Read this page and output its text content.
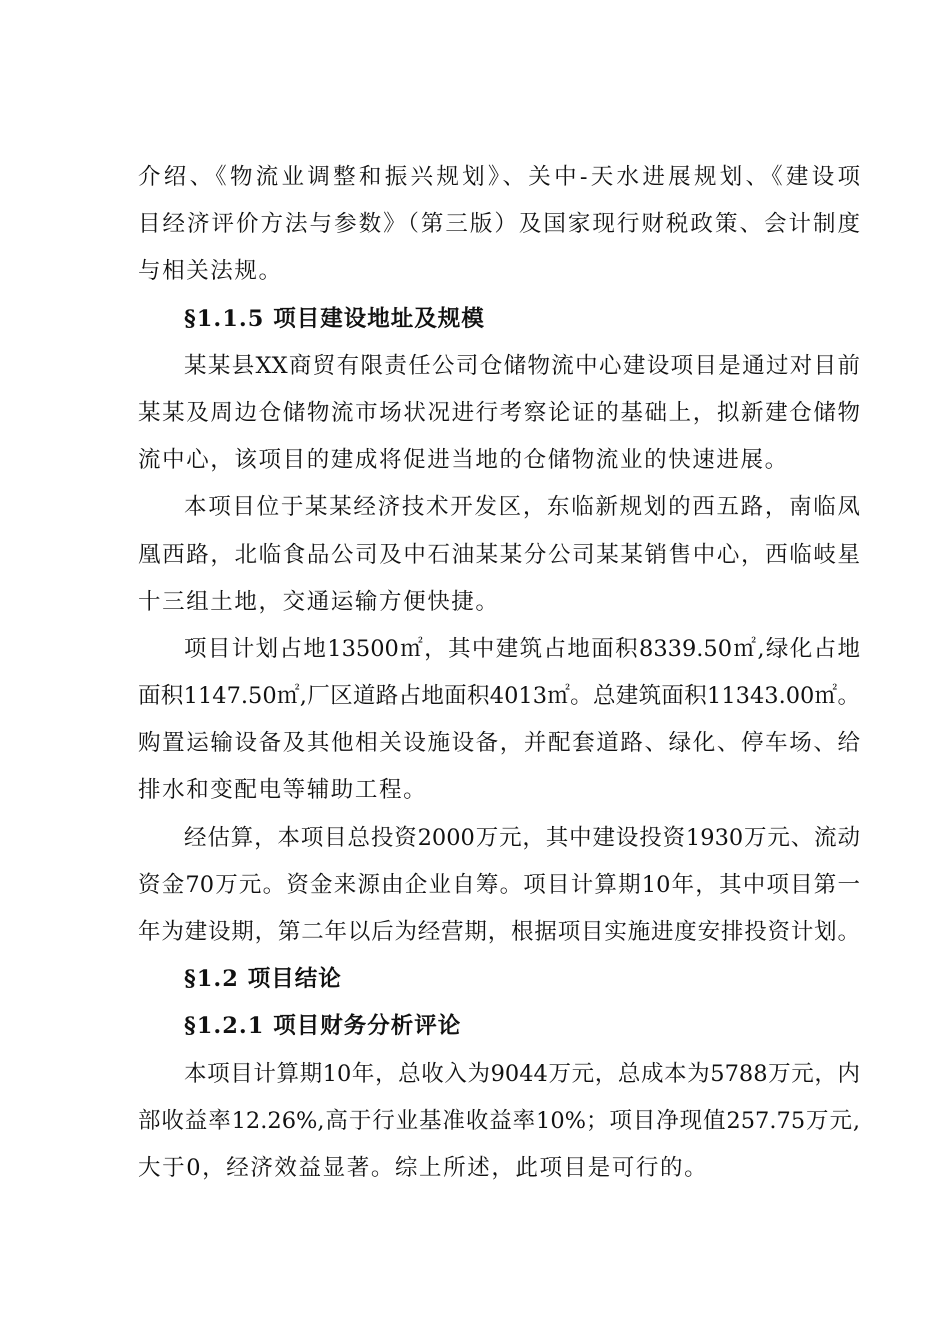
介绍、《物流业调整和振兴规划》、关中-天水进展规划、《建设项
目经济评价方法与参数》（第三版）及国家现行财税政策、会计制度
与相关法规。
§1.1.5 项目建设地址及规模
某某县XX商贸有限责任公司仓储物流中心建设项目是通过对目前
某某及周边仓储物流市场状况进行考察论证的基础上，拟新建仓储物
流中心，该项目的建成将促进当地的仓储物流业的快速进展。
本项目位于某某经济技术开发区，东临新规划的西五路，南临凤
凰西路，北临食品公司及中石油某某分公司某某销售中心，西临岐星
十三组土地，交通运输方便快捷。
项目计划占地13500㎡，其中建筑占地面积8339.50㎡,绿化占地
面积1147.50㎡,厂区道路占地面积4013㎡。总建筑面积11343.00㎡。
购置运输设备及其他相关设施设备，并配套道路、绿化、停车场、给
排水和变配电等辅助工程。
经估算，本项目总投资2000万元，其中建设投资1930万元、流动
资金70万元。资金来源由企业自筹。项目计算期10年，其中项目第一
年为建设期，第二年以后为经营期，根据项目实施进度安排投资计划。
§1.2 项目结论
§1.2.1 项目财务分析评论
本项目计算期10年，总收入为9044万元，总成本为5788万元，内
部收益率12.26%,高于行业基准收益率10%；项目净现值257.75万元,
大于0，经济效益显著。综上所述，此项目是可行的。
